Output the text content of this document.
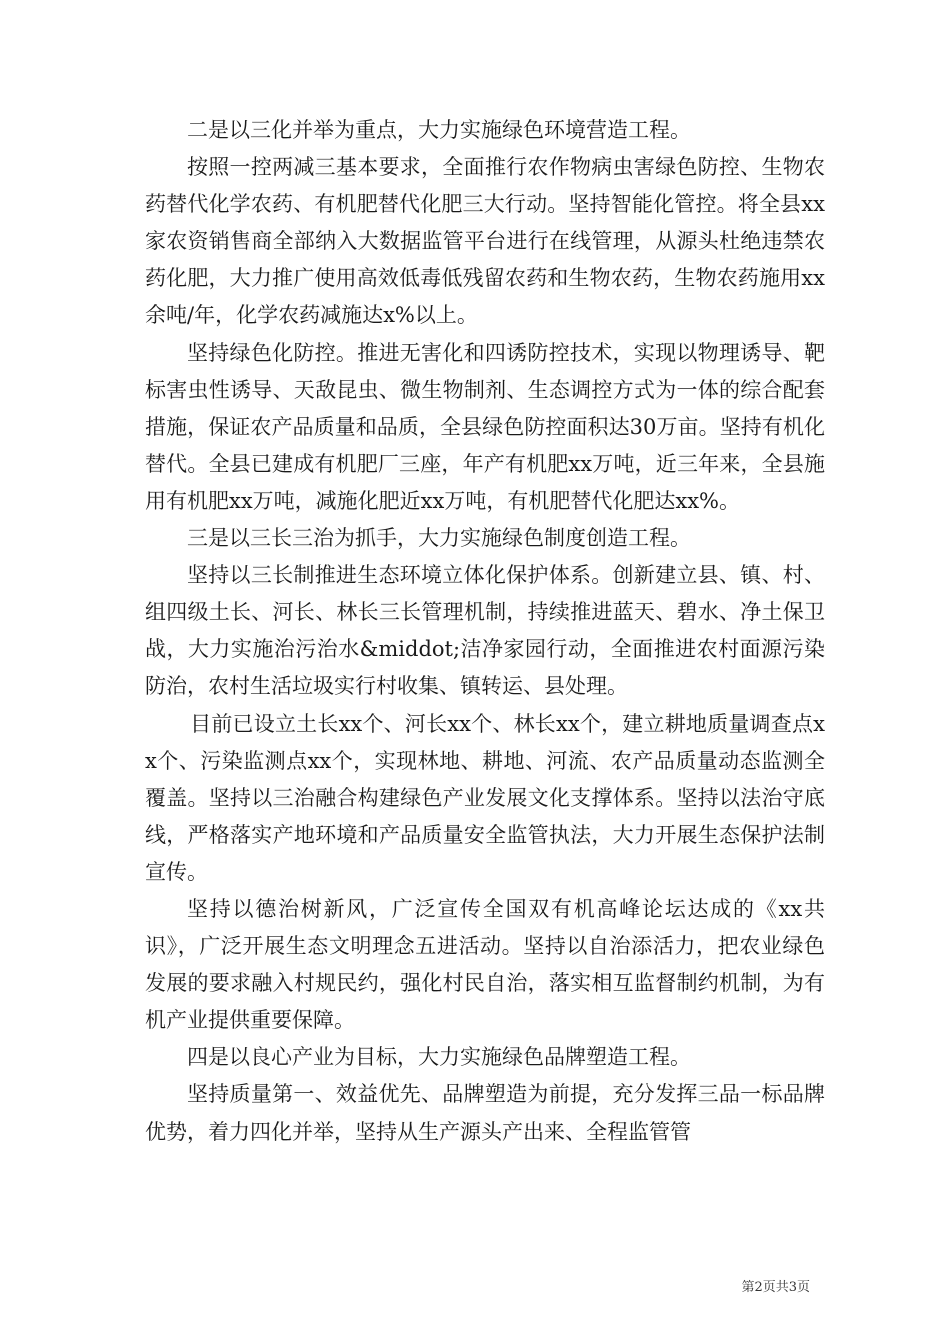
二是以三化并举为重点，大力实施绿色环境营造工程。

按照一控两减三基本要求，全面推行农作物病虫害绿色防控、生物农药替代化学农药、有机肥替代化肥三大行动。坚持智能化管控。将全县xx家农资销售商全部纳入大数据监管平台进行在线管理，从源头杜绝违禁农药化肥，大力推广使用高效低毒低残留农药和生物农药，生物农药施用xx余吨/年，化学农药减施达x%以上。

坚持绿色化防控。推进无害化和四诱防控技术，实现以物理诱导、靶标害虫性诱导、天敌昆虫、微生物制剂、生态调控方式为一体的综合配套措施，保证农产品质量和品质，全县绿色防控面积达30万亩。坚持有机化替代。全县已建成有机肥厂三座，年产有机肥xx万吨，近三年来，全县施用有机肥xx万吨，减施化肥近xx万吨，有机肥替代化肥达xx%。

三是以三长三治为抓手，大力实施绿色制度创造工程。

坚持以三长制推进生态环境立体化保护体系。创新建立县、镇、村、组四级土长、河长、林长三长管理机制，持续推进蓝天、碧水、净土保卫战，大力实施治污治水&middot;洁净家园行动，全面推进农村面源污染防治，农村生活垃圾实行村收集、镇转运、县处理。

目前已设立土长xx个、河长xx个、林长xx个，建立耕地质量调查点xx个、污染监测点xx个，实现林地、耕地、河流、农产品质量动态监测全覆盖。坚持以三治融合构建绿色产业发展文化支撑体系。坚持以法治守底线，严格落实产地环境和产品质量安全监管执法，大力开展生态保护法制宣传。

坚持以德治树新风，广泛宣传全国双有机高峰论坛达成的《xx共识》，广泛开展生态文明理念五进活动。坚持以自治添活力，把农业绿色发展的要求融入村规民约，强化村民自治，落实相互监督制约机制，为有机产业提供重要保障。

四是以良心产业为目标，大力实施绿色品牌塑造工程。

坚持质量第一、效益优先、品牌塑造为前提，充分发挥三品一标品牌优势，着力四化并举，坚持从生产源头产出来、全程监管管

第2页共3页
